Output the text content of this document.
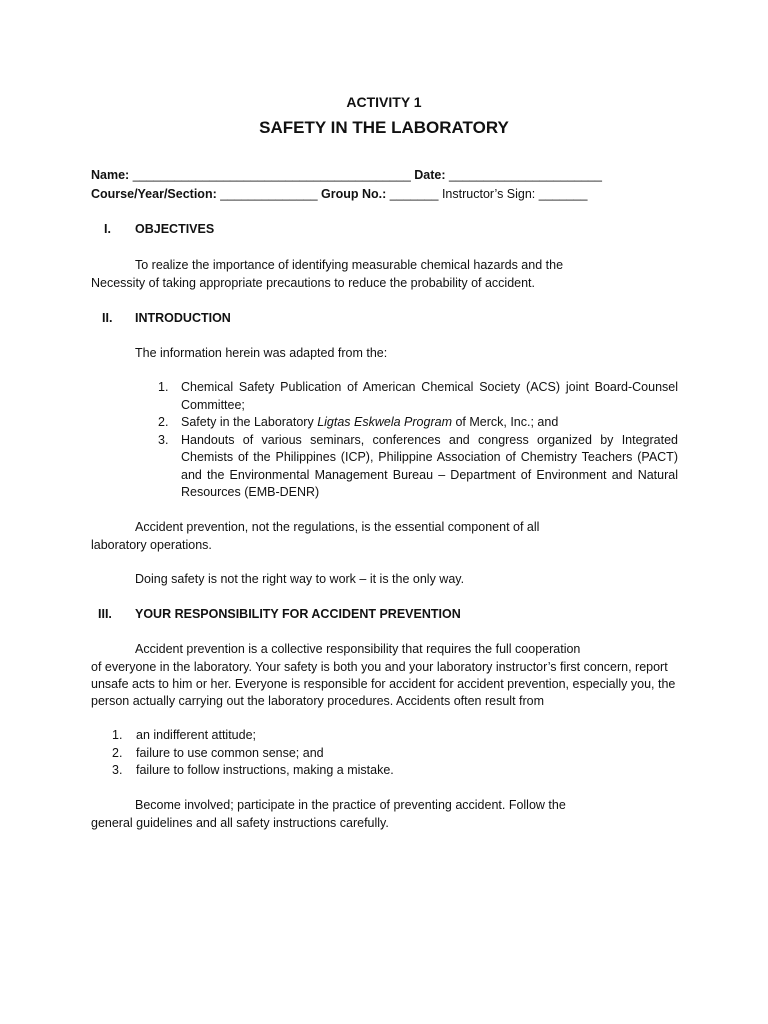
ACTIVITY 1
SAFETY IN THE LABORATORY
Name: ________________________________________ Date: ______________________
Course/Year/Section: ______________ Group No.: _______ Instructor’s Sign: _______
I. OBJECTIVES
To realize the importance of identifying measurable chemical hazards and the
Necessity of taking appropriate precautions to reduce the probability of accident.
II. INTRODUCTION
The information herein was adapted from the:
1. Chemical Safety Publication of American Chemical Society (ACS) joint Board-Counsel Committee;
2. Safety in the Laboratory Ligtas Eskwela Program of Merck, Inc.; and
3. Handouts of various seminars, conferences and congress organized by Integrated Chemists of the Philippines (ICP), Philippine Association of Chemistry Teachers (PACT) and the Environmental Management Bureau – Department of Environment and Natural Resources (EMB-DENR)
Accident prevention, not the regulations, is the essential component of all
laboratory operations.
Doing safety is not the right way to work – it is the only way.
III. YOUR RESPONSIBILITY FOR ACCIDENT PREVENTION
Accident prevention is a collective responsibility that requires the full cooperation
of everyone in the laboratory. Your safety is both you and your laboratory instructor’s first concern, report
unsafe acts to him or her. Everyone is responsible for accident for accident prevention, especially you, the
person actually carrying out the laboratory procedures. Accidents often result from
1. an indifferent attitude;
2. failure to use common sense; and
3. failure to follow instructions, making a mistake.
Become involved; participate in the practice of preventing accident. Follow the
general guidelines and all safety instructions carefully.
